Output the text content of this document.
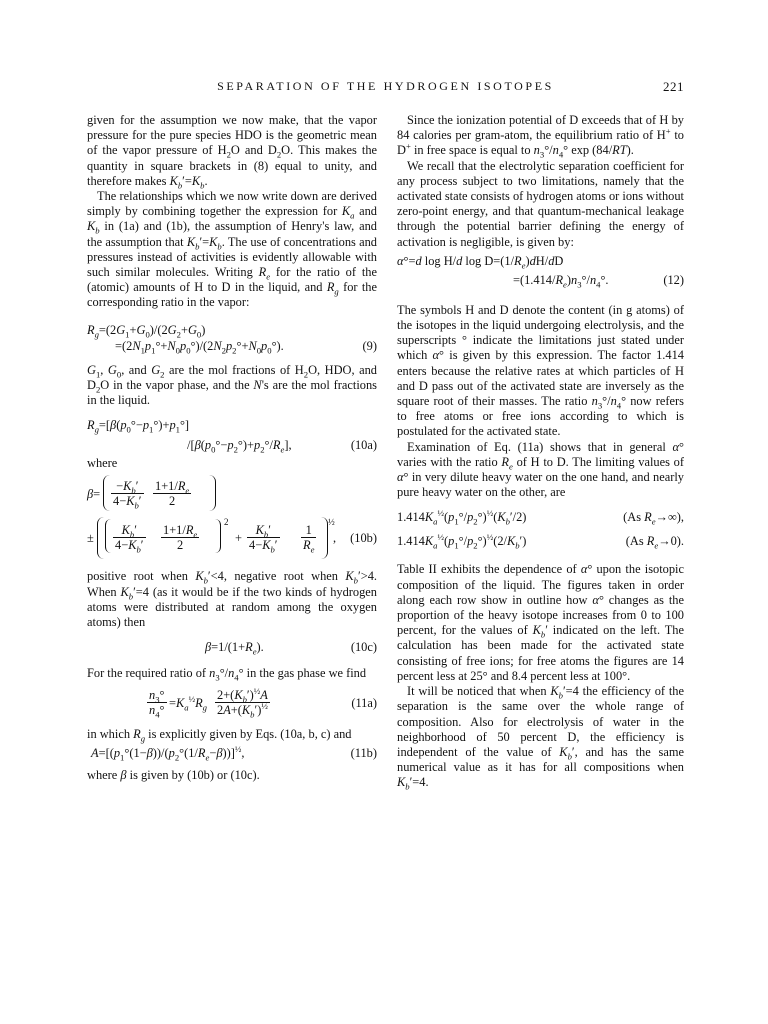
SEPARATION OF THE HYDROGEN ISOTOPES	221

given for the assumption we now make, that the vapor pressure for the pure species HDO is the geometric mean of the vapor pressure of $H_2O$ and $D_2O$. This makes the quantity in square brackets in (8) equal to unity, and therefore makes $K_b'=K_b$.

The relationships which we now write down are derived simply by combining together the expression for $K_a$ and $K_b$ in (1a) and (1b), the assumption of Henry's law, and the assumption that $K_b'=K_b$. The use of concentrations and pressures instead of activities is evidently allowable with such similar molecules. Writing $R_e$ for the ratio of the (atomic) amounts of H to D in the liquid, and $R_g$ for the corresponding ratio in the vapor:

$R_g=(2G_1+G_0)/(2G_2+G_0)$
$=(2N_1p_1^\circ+N_0p_0^\circ)/(2N_2p_2^\circ+N_0p_0^\circ)$.	(9)

$G_1$, $G_0$, and $G_2$ are the mol fractions of $H_2O$, HDO, and $D_2O$ in the vapor phase, and the N's are the mol fractions in the liquid.

$R_g=[\beta(p_0^\circ-p_1^\circ)+p_1^\circ]$
$/[\beta(p_0^\circ-p_2^\circ)+p_2^\circ/R_e]$,	(10a)

where

$\beta= \frac{-K_b'}{4-K_b'} \frac{1+1/R_e}{2}$
± $\frac{K_b'}{4-K_b'} \frac{1+1/R_e}{2}$
2
+ $\frac{K_b'}{4-K_b'} \frac{1}{R_e}$
½
, (10b)

positive root when $K_b'<4$, negative root when $K_b'>4$. When $K_b'=4$ (as it would be if the two kinds of hydrogen atoms were distributed at random among the oxygen atoms) then

$\beta=1/(1+R_e)$.	(10c)

For the required ratio of $n_3^\circ/n_4^\circ$ in the gas phase we find

$\frac{n_3^\circ}{n_4^\circ} =K_a^{\frac{1}{2}}R_g \frac{2+(K_b')^{\frac{1}{2}}A}{2A+(K_b')^{\frac{1}{2}}}$	(11a)

in which $R_g$ is explicitly given by Eqs. (10a, b, c) and

$A=[(p_1^\circ(1-\beta))/(p_2^\circ(1/R_e-\beta))]^{\frac{1}{2}}$,	(11b)

where β is given by (10b) or (10c).

Since the ionization potential of D exceeds that of H by 84 calories per gram-atom, the equilibrium ratio of H+ to D+ in free space is equal to $n_3^\circ/n_4^\circ$ exp (84/RT).

We recall that the electrolytic separation coefficient for any process subject to two limitations, namely that the activated state consists of hydrogen atoms or ions without zero-point energy, and that quantum-mechanical leakage through the potential barrier defining the energy of activation is negligible, is given by:

α°=d log H/d $\log D=(1/R_e)dH/dD$
$=(1.414/R_e)n_3^\circ/n_4^\circ$.	(12)

The symbols H and D denote the content (in g atoms) of the isotopes in the liquid undergoing electrolysis, and the superscripts ° indicate the limitations just stated under which α° is given by this expression. The factor 1.414 enters because the relative rates at which particles of H and D pass out of the activated state are inversely as the square root of their masses. The ratio $n_3^\circ/n_4^\circ$ now refers to free atoms or free ions according to which is postulated for the activated state.

Examination of Eq. (11a) shows that in general α° varies with the ratio $R_e$ of H to D. The limiting values of α° in very dilute heavy water on the one hand, and nearly pure heavy water on the other, are

$1.414K_a^{\frac{1}{2}}(p_1^\circ/p_2^\circ)^{\frac{1}{2}}(K_b'/2)$	(As $R_e\to\infty$),
$1.414K_a^{\frac{1}{2}}(p_1^\circ/p_2^\circ)^{\frac{1}{2}}(2/K_b')$	(As $R_e\to 0$).

Table II exhibits the dependence of α° upon the isotopic composition of the liquid. The figures taken in order along each row show in outline how α° changes as the proportion of the heavy isotope increases from 0 to 100 percent, for the values of $K_b'$ indicated on the left. The calculation has been made for the activated state consisting of free ions; for free atoms the figures are 14 percent less at 25° and 8.4 percent less at 100°.

It will be noticed that when $K_b'=4$ the efficiency of the separation is the same over the whole range of composition. Also for electrolysis of water in the neighborhood of 50 percent D, the efficiency is independent of the value of $K_b'$, and has the same numerical value as it has for all compositions when $K_b'=4$.
